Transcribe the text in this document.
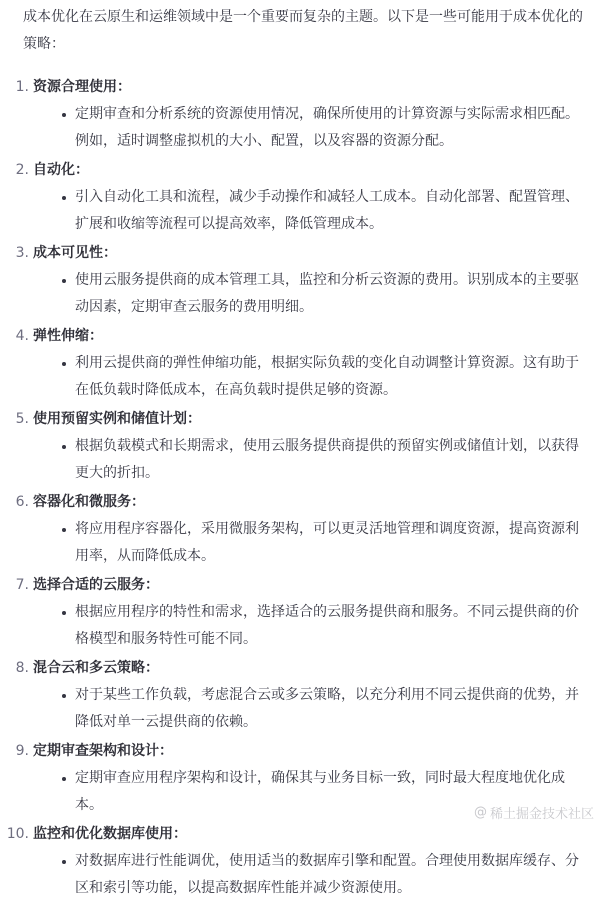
成本优化在云原生和运维领域中是一个重要而复杂的主题。以下是一些可能用于成本优化的策略：

1. 资源合理使用：
定期审查和分析系统的资源使用情况，确保所使用的计算资源与实际需求相匹配。例如，适时调整虚拟机的大小、配置，以及容器的资源分配。
2. 自动化：
引入自动化工具和流程，减少手动操作和减轻人工成本。自动化部署、配置管理、扩展和收缩等流程可以提高效率，降低管理成本。
3. 成本可见性：
使用云服务提供商的成本管理工具，监控和分析云资源的费用。识别成本的主要驱动因素，定期审查云服务的费用明细。
4. 弹性伸缩：
利用云提供商的弹性伸缩功能，根据实际负载的变化自动调整计算资源。这有助于在低负载时降低成本，在高负载时提供足够的资源。
5. 使用预留实例和储值计划：
根据负载模式和长期需求，使用云服务提供商提供的预留实例或储值计划，以获得更大的折扣。
6. 容器化和微服务：
将应用程序容器化，采用微服务架构，可以更灵活地管理和调度资源，提高资源利用率，从而降低成本。
7. 选择合适的云服务：
根据应用程序的特性和需求，选择适合的云服务提供商和服务。不同云提供商的价格模型和服务特性可能不同。
8. 混合云和多云策略：
对于某些工作负载，考虑混合云或多云策略，以充分利用不同云提供商的优势，并降低对单一云提供商的依赖。
9. 定期审查架构和设计：
定期审查应用程序架构和设计，确保其与业务目标一致，同时最大程度地优化成本。
10. 监控和优化数据库使用：
对数据库进行性能调优，使用适当的数据库引擎和配置。合理使用数据库缓存、分区和索引等功能，以提高数据库性能并减少资源使用。
@ 稀土掘金技术社区
